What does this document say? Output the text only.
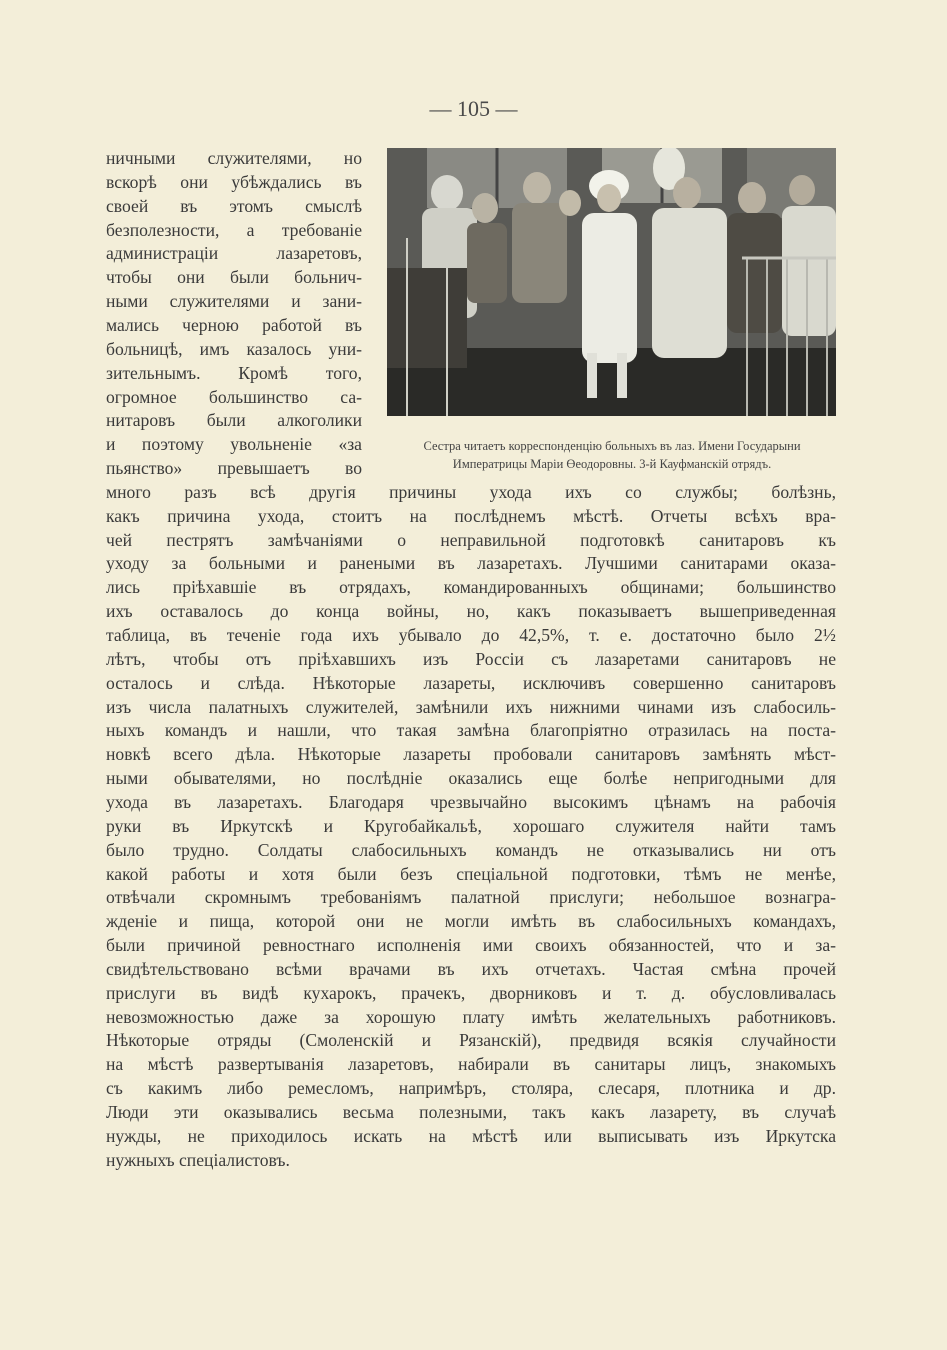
— 105 —
Сестра читаетъ корреспонденцію больныхъ въ лаз. Имени Государыни
Императрицы Маріи Өеодоровны. 3-й Кауфманскій отрядъ.
ничными служителями, но
вскорѣ они убѣждались въ
своей въ этомъ смыслѣ
безполезности, а требованіе
администраціи лазаретовъ,
чтобы они были больнич-
ными служителями и зани-
мались черною работой въ
больницѣ, имъ казалось уни-
зительнымъ. Кромѣ того,
огромное большинство са-
нитаровъ были алкоголики
и поэтому увольненіе «за
пьянство» превышаетъ во
много разъ всѣ другія причины ухода ихъ со службы; болѣзнь,
какъ причина ухода, стоитъ на послѣднемъ мѣстѣ. Отчеты всѣхъ вра-
чей пестрятъ замѣчаніями о неправильной подготовкѣ санитаровъ къ
уходу за больными и ранеными въ лазаретахъ. Лучшими санитарами оказа-
лись пріѣхавшіе въ отрядахъ, командированныхъ общинами; большинство
ихъ оставалось до конца войны, но, какъ показываетъ вышеприведенная
таблица, въ теченіе года ихъ убывало до 42,5%, т. е. достаточно было 2½
лѣтъ, чтобы отъ пріѣхавшихъ изъ Россіи съ лазаретами санитаровъ не
осталось и слѣда. Нѣкоторые лазареты, исключивъ совершенно санитаровъ
изъ числа палатныхъ служителей, замѣнили ихъ нижними чинами изъ слабосиль-
ныхъ командъ и нашли, что такая замѣна благопріятно отразилась на поста-
новкѣ всего дѣла. Нѣкоторые лазареты пробовали санитаровъ замѣнять мѣст-
ными обывателями, но послѣдніе оказались еще болѣе непригодными для
ухода въ лазаретахъ. Благодаря чрезвычайно высокимъ цѣнамъ на рабочія
руки въ Иркутскѣ и Кругобайкальѣ, хорошаго служителя найти тамъ
было трудно. Солдаты слабосильныхъ командъ не отказывались ни отъ
какой работы и хотя были безъ спеціальной подготовки, тѣмъ не менѣе,
отвѣчали скромнымъ требованіямъ палатной прислуги; небольшое вознагра-
жденіе и пища, которой они не могли имѣть въ слабосильныхъ командахъ,
были причиной ревностнаго исполненія ими своихъ обязанностей, что и за-
свидѣтельствовано всѣми врачами въ ихъ отчетахъ. Частая смѣна прочей
прислуги въ видѣ кухарокъ, прачекъ, дворниковъ и т. д. обусловливалась
невозможностью даже за хорошую плату имѣть желательныхъ работниковъ.
Нѣкоторые отряды (Смоленскій и Рязанскій), предвидя всякія случайности
на мѣстѣ развертыванія лазаретовъ, набирали въ санитары лицъ, знакомыхъ
съ какимъ либо ремесломъ, напримѣръ, столяра, слесаря, плотника и др.
Люди эти оказывались весьма полезными, такъ какъ лазарету, въ случаѣ
нужды, не приходилось искать на мѣстѣ или выписывать изъ Иркутска
нужныхъ спеціалистовъ.
